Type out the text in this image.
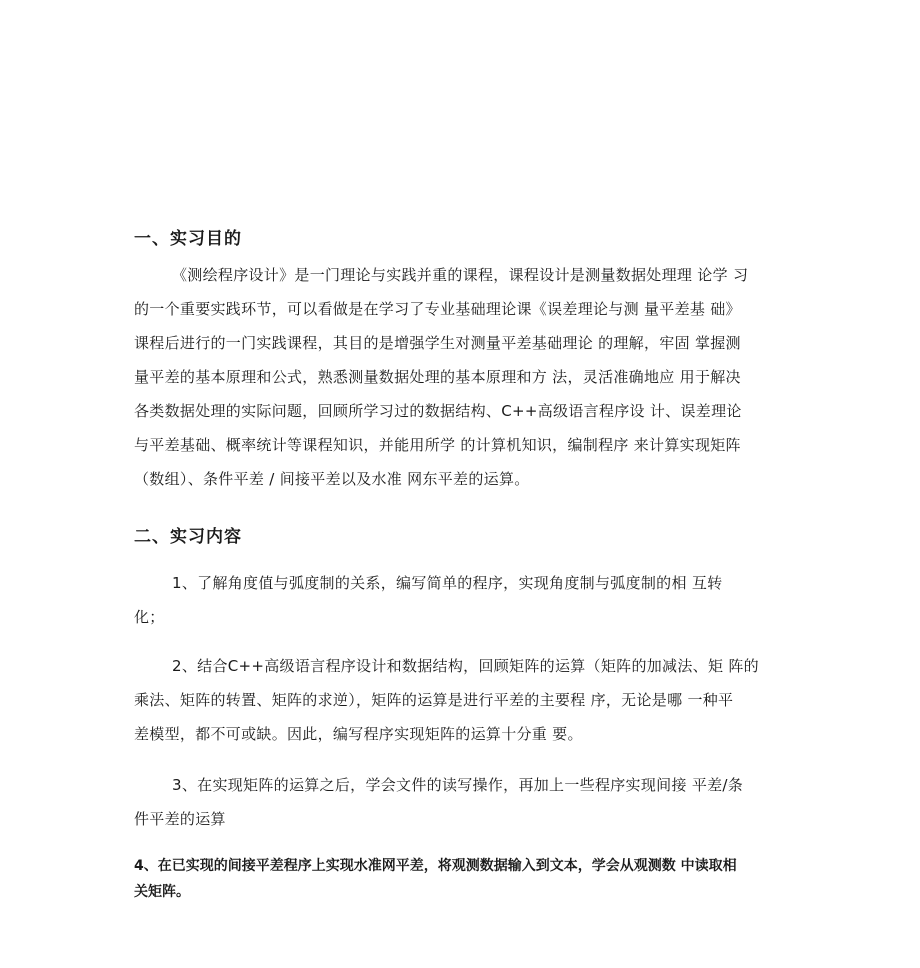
一、实习目的
《测绘程序设计》是一门理论与实践并重的课程，课程设计是测量数据处理理 论学 习
的一个重要实践环节，可以看做是在学习了专业基础理论课《误差理论与测 量平差基 础》
课程后进行的一门实践课程，其目的是增强学生对测量平差基础理论 的理解，牢固 掌握测
量平差的基本原理和公式，熟悉测量数据处理的基本原理和方 法，灵活准确地应 用于解决
各类数据处理的实际问题，回顾所学习过的数据结构、C++高级语言程序设 计、误差理论
与平差基础、概率统计等课程知识，并能用所学 的计算机知识，编制程序 来计算实现矩阵
（数组）、条件平差 / 间接平差以及水准 网东平差的运算。
二、实习内容
1、了解角度值与弧度制的关系，编写简单的程序，实现角度制与弧度制的相 互转
化；
2、结合C++高级语言程序设计和数据结构，回顾矩阵的运算（矩阵的加减法、矩 阵的
乘法、矩阵的转置、矩阵的求逆），矩阵的运算是进行平差的主要程 序，无论是哪 一种平
差模型，都不可或缺。因此，编写程序实现矩阵的运算十分重 要。
3、在实现矩阵的运算之后，学会文件的读写操作，再加上一些程序实现间接 平差/条
件平差的运算
4、在已实现的间接平差程序上实现水准网平差，将观测数据输入到文本，学会从观测数 中读取相
关矩阵。
